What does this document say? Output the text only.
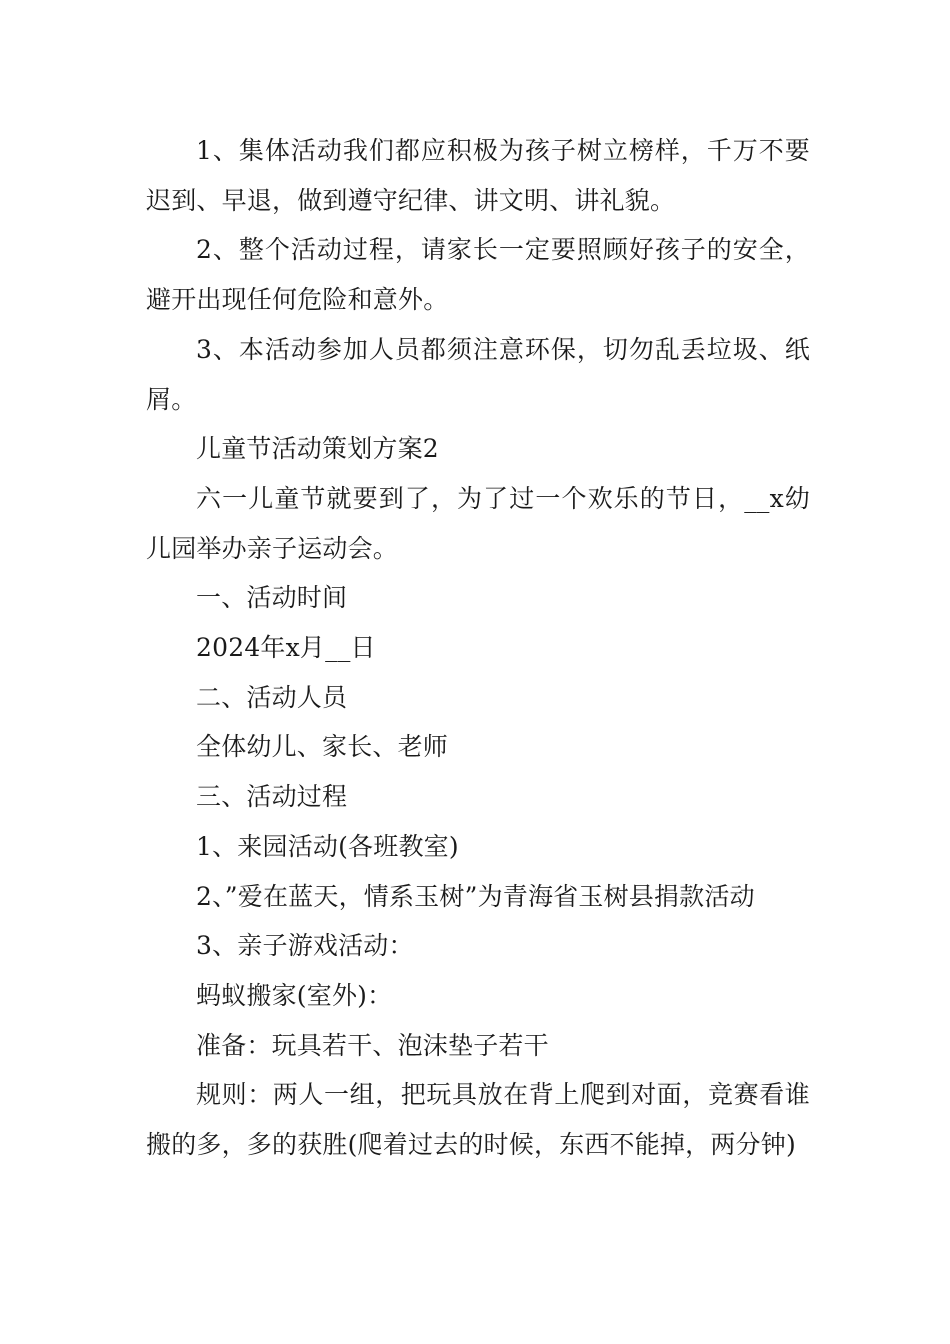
1、集体活动我们都应积极为孩子树立榜样，千万不要迟到、早退，做到遵守纪律、讲文明、讲礼貌。

2、整个活动过程，请家长一定要照顾好孩子的安全，避开出现任何危险和意外。

3、本活动参加人员都须注意环保，切勿乱丢垃圾、纸屑。

儿童节活动策划方案2

六一儿童节就要到了，为了过一个欢乐的节日，__x幼儿园举办亲子运动会。

一、活动时间

2024年x月__日

二、活动人员

全体幼儿、家长、老师

三、活动过程

1、来园活动(各班教室)

2、”爱在蓝天，情系玉树”为青海省玉树县捐款活动

3、亲子游戏活动：

蚂蚁搬家(室外)：

准备：玩具若干、泡沫垫子若干

规则：两人一组，把玩具放在背上爬到对面，竞赛看谁搬的多，多的获胜(爬着过去的时候，东西不能掉，两分钟)
